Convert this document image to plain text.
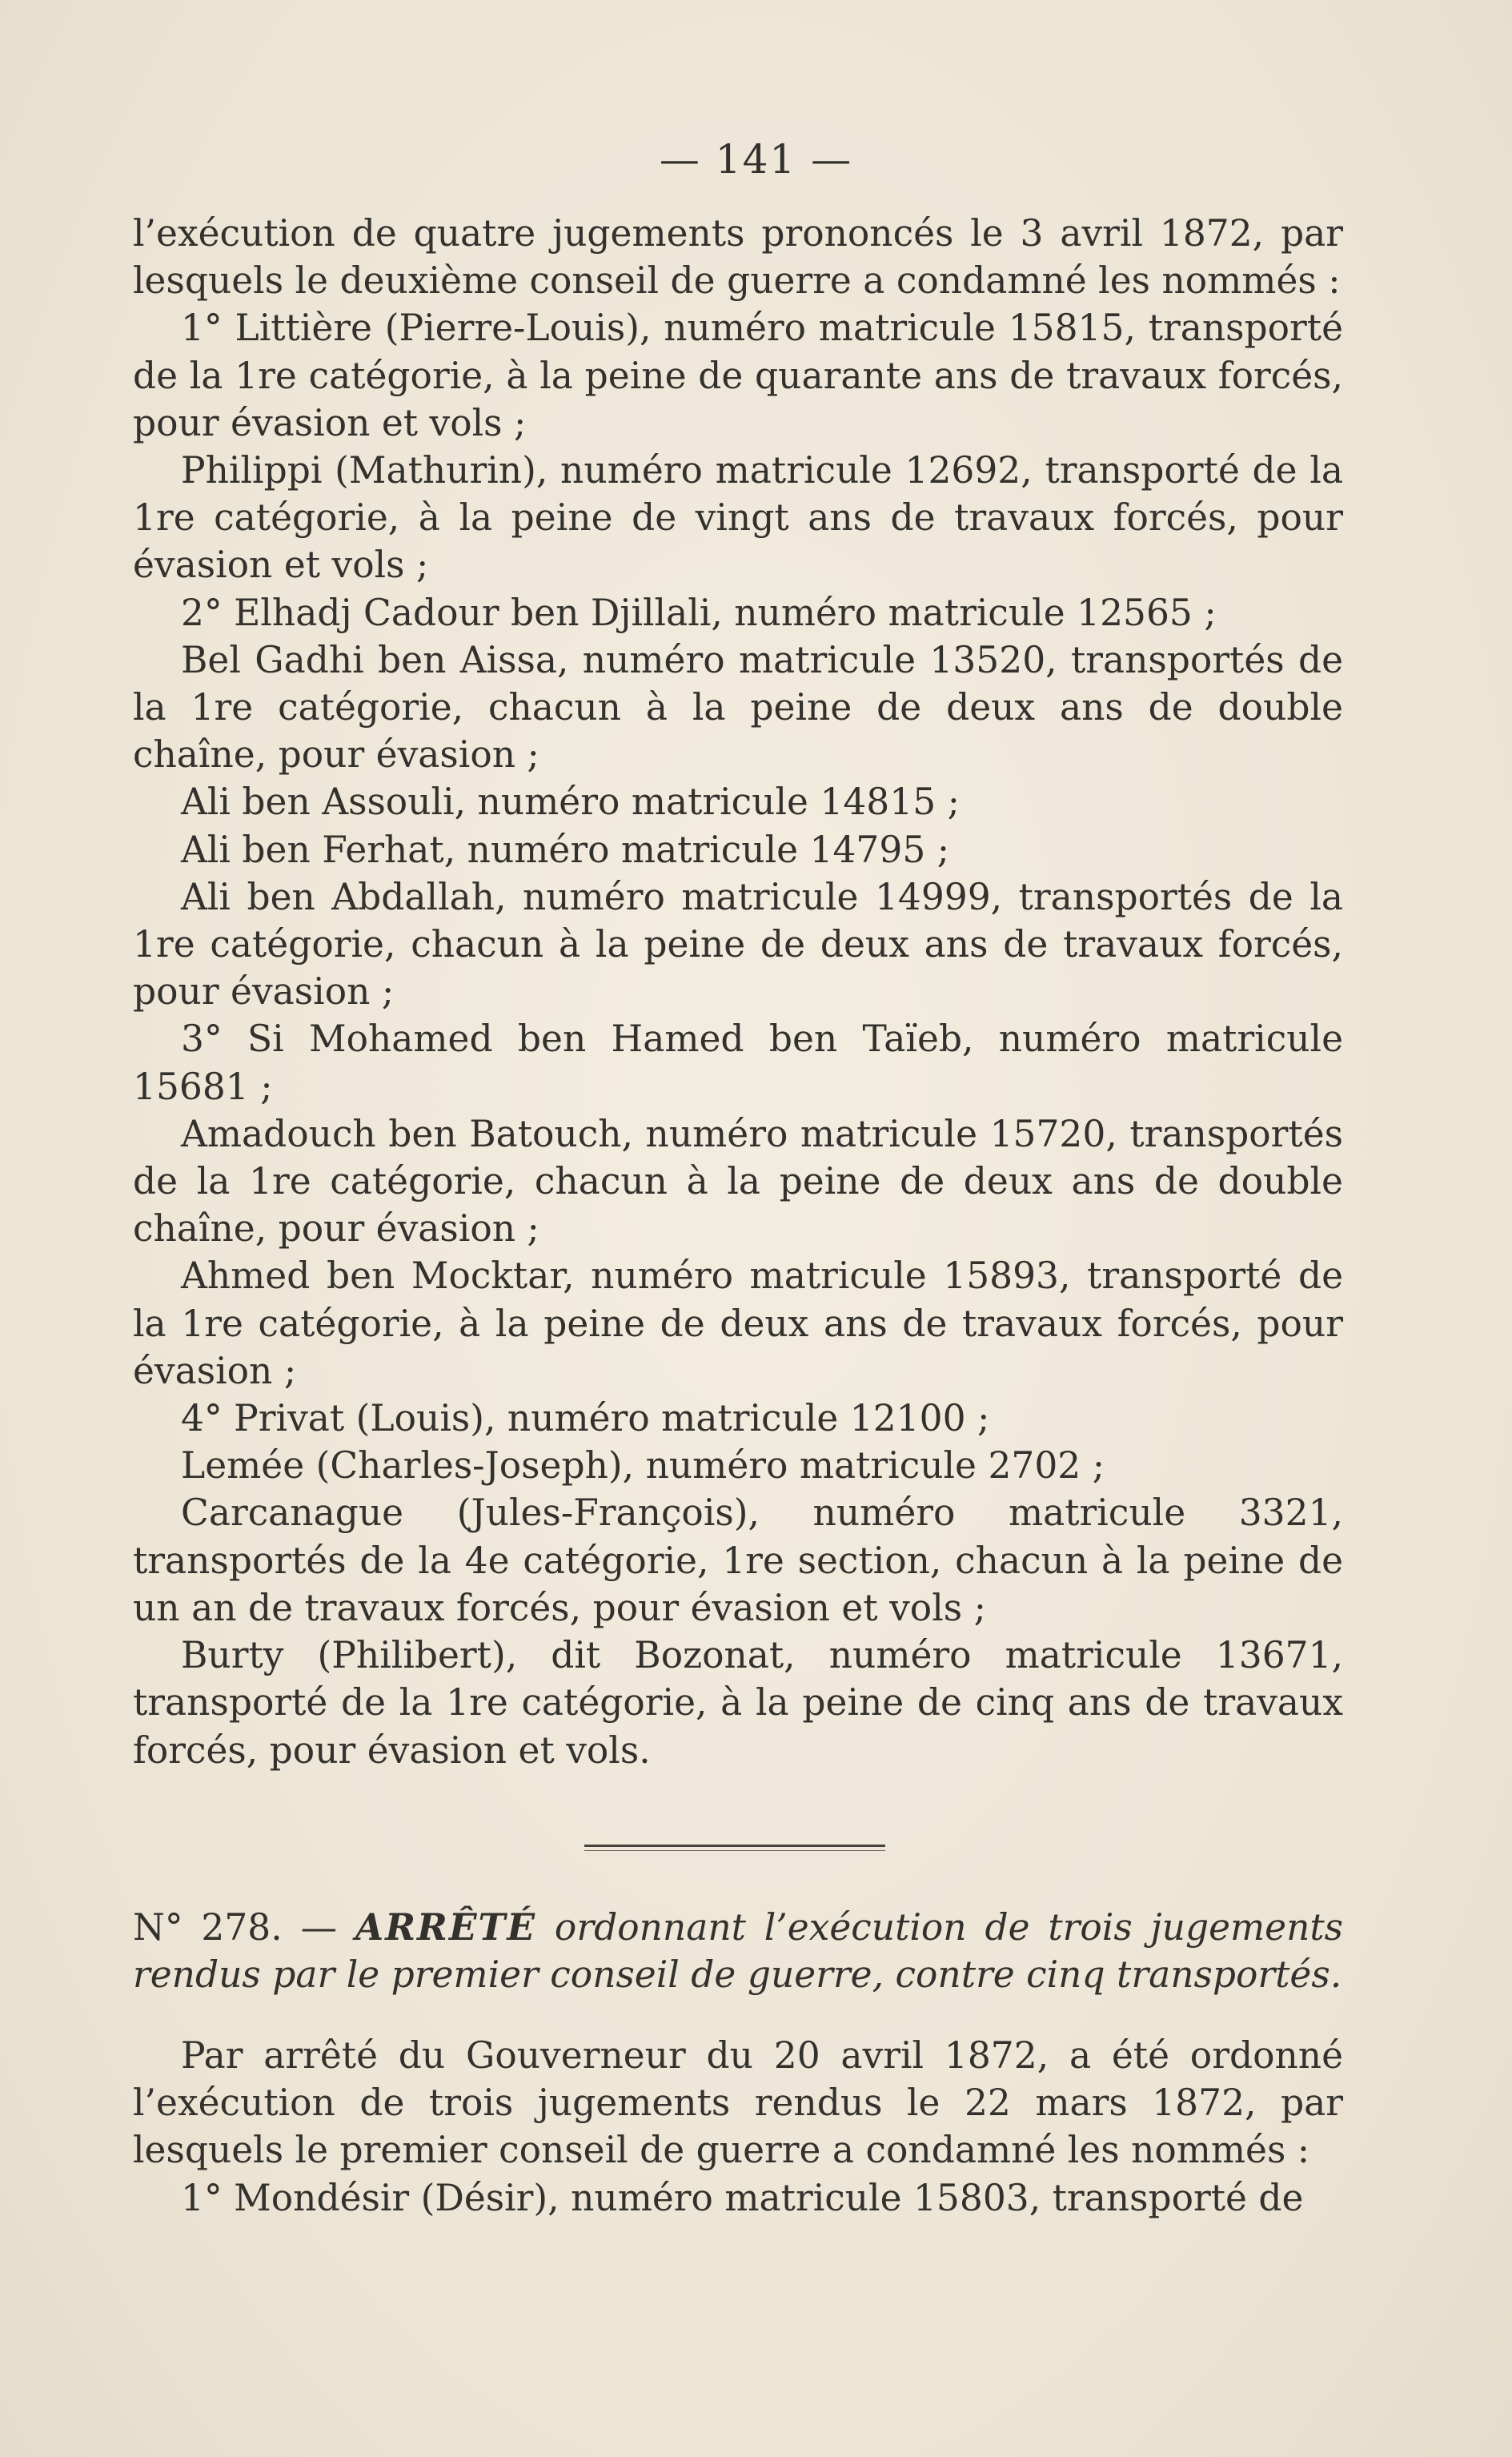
— 141 —

l’exécution de quatre jugements prononcés le 3 avril 1872, par lesquels le deuxième conseil de guerre a condamné les nommés :

1° Littière (Pierre-Louis), numéro matricule 15815, transporté de la 1re catégorie, à la peine de quarante ans de travaux forcés, pour évasion et vols ;

Philippi (Mathurin), numéro matricule 12692, transporté de la 1re catégorie, à la peine de vingt ans de travaux forcés, pour évasion et vols ;

2° Elhadj Cadour ben Djillali, numéro matricule 12565 ;

Bel Gadhi ben Aissa, numéro matricule 13520, transportés de la 1re catégorie, chacun à la peine de deux ans de double chaîne, pour évasion ;

Ali ben Assouli, numéro matricule 14815 ;

Ali ben Ferhat, numéro matricule 14795 ;

Ali ben Abdallah, numéro matricule 14999, transportés de la 1re catégorie, chacun à la peine de deux ans de travaux forcés, pour évasion ;

3° Si Mohamed ben Hamed ben Taïeb, numéro matricule 15681 ;

Amadouch ben Batouch, numéro matricule 15720, transportés de la 1re catégorie, chacun à la peine de deux ans de double chaîne, pour évasion ;

Ahmed ben Mocktar, numéro matricule 15893, transporté de la 1re catégorie, à la peine de deux ans de travaux forcés, pour évasion ;

4° Privat (Louis), numéro matricule 12100 ;

Lemée (Charles-Joseph), numéro matricule 2702 ;

Carcanague (Jules-François), numéro matricule 3321, transportés de la 4e catégorie, 1re section, chacun à la peine de un an de travaux forcés, pour évasion et vols ;

Burty (Philibert), dit Bozonat, numéro matricule 13671, transporté de la 1re catégorie, à la peine de cinq ans de travaux forcés, pour évasion et vols.

N° 278. — ARRÊTÉ ordonnant l’exécution de trois jugements rendus par le premier conseil de guerre, contre cinq transportés.

Par arrêté du Gouverneur du 20 avril 1872, a été ordonné l’exécution de trois jugements rendus le 22 mars 1872, par lesquels le premier conseil de guerre a condamné les nommés :

1° Mondésir (Désir), numéro matricule 15803, transporté de
